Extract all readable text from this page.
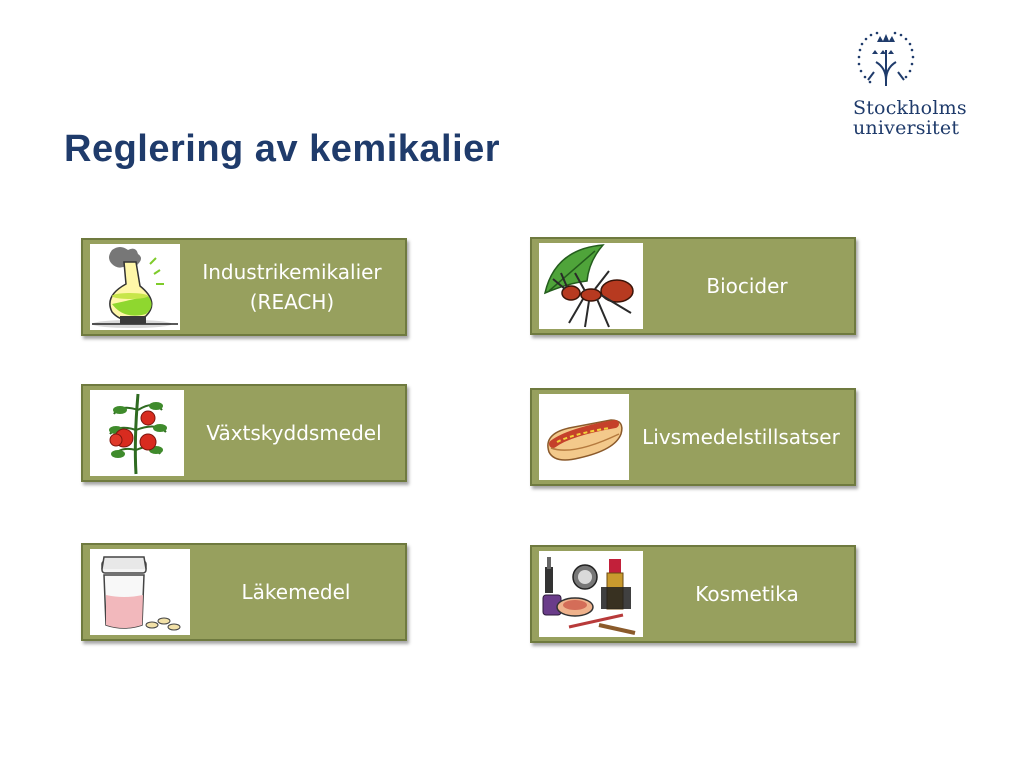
Reglering av kemikalier
Stockholms
universitet
Industrikemikalier
(REACH)
Biocider
Växtskyddsmedel	Livsmedelstillsatser
Läkemedel	Kosmetika
